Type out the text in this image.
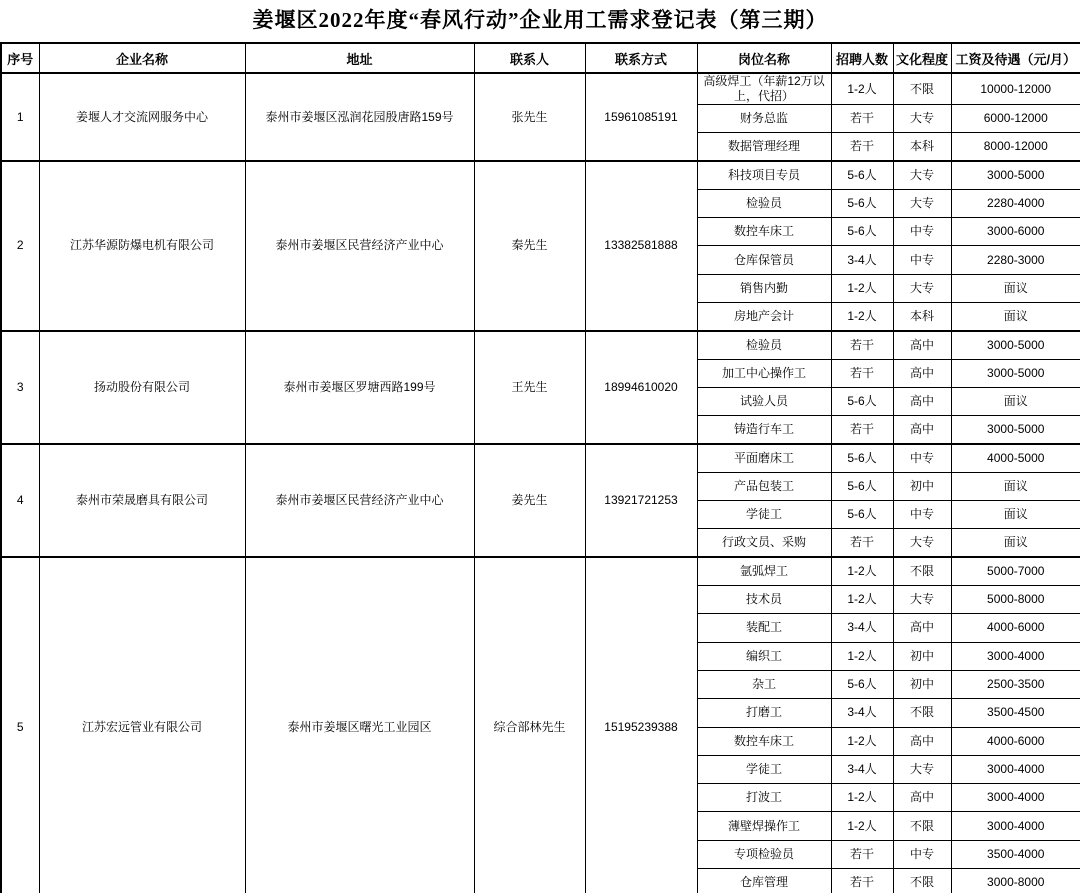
姜堰区2022年度“春风行动”企业用工需求登记表（第三期）
序号	企业名称	地址	联系人	联系方式	岗位名称	招聘人数	文化程度	工资及待遇（元/月）
1	姜堰人才交流网服务中心	泰州市姜堰区泓润花园殷唐路159号	张先生	15961085191	高级焊工（年薪12万以上，代招）	1-2人	不限	10000-12000
					财务总监	若干	大专	6000-12000
					数据管理经理	若干	本科	8000-12000
2	江苏华源防爆电机有限公司	泰州市姜堰区民营经济产业中心	秦先生	13382581888	科技项目专员	5-6人	大专	3000-5000
					检验员	5-6人	大专	2280-4000
					数控车床工	5-6人	中专	3000-6000
					仓库保管员	3-4人	中专	2280-3000
					销售内勤	1-2人	大专	面议
					房地产会计	1-2人	本科	面议
3	扬动股份有限公司	泰州市姜堰区罗塘西路199号	王先生	18994610020	检验员	若干	高中	3000-5000
					加工中心操作工	若干	高中	3000-5000
					试验人员	5-6人	高中	面议
					铸造行车工	若干	高中	3000-5000
4	泰州市荣晟磨具有限公司	泰州市姜堰区民营经济产业中心	姜先生	13921721253	平面磨床工	5-6人	中专	4000-5000
					产品包装工	5-6人	初中	面议
					学徒工	5-6人	中专	面议
					行政文员、采购	若干	大专	面议
5	江苏宏远管业有限公司	泰州市姜堰区曙光工业园区	综合部林先生	15195239388	氩弧焊工	1-2人	不限	5000-7000
					技术员	1-2人	大专	5000-8000
					装配工	3-4人	高中	4000-6000
					编织工	1-2人	初中	3000-4000
					杂工	5-6人	初中	2500-3500
					打磨工	3-4人	不限	3500-4500
					数控车床工	1-2人	高中	4000-6000
					学徒工	3-4人	大专	3000-4000
					打波工	1-2人	高中	3000-4000
					薄壁焊操作工	1-2人	不限	3000-4000
					专项检验员	若干	中专	3500-4000
					仓库管理	若干	不限	3000-8000
